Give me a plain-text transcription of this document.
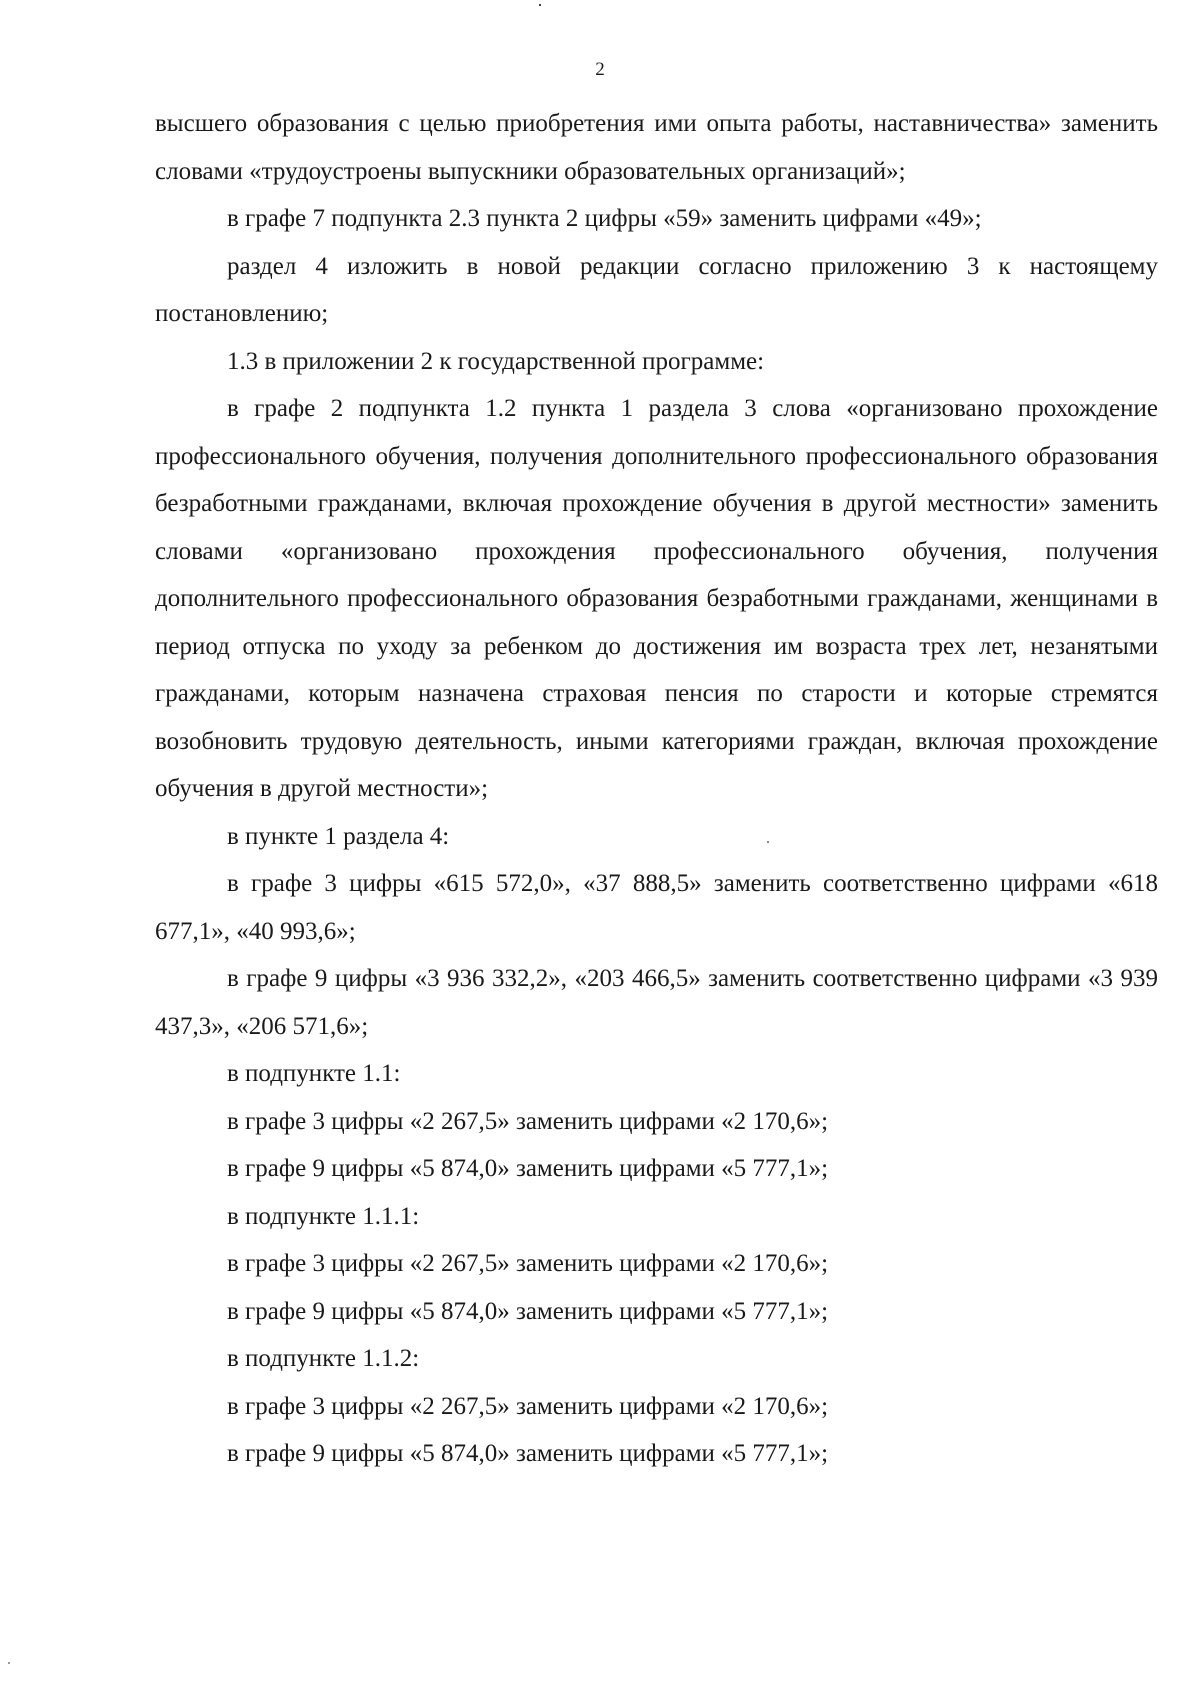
2

высшего образования с целью приобретения ими опыта работы, наставничества» заменить словами «трудоустроены выпускники образовательных организаций»;

в графе 7 подпункта 2.3 пункта 2 цифры «59» заменить цифрами «49»;

раздел 4 изложить в новой редакции согласно приложению 3 к настоящему постановлению;

1.3 в приложении 2 к государственной программе:

в графе 2 подпункта 1.2 пункта 1 раздела 3 слова «организовано прохождение профессионального обучения, получения дополнительного профессионального образования безработными гражданами, включая прохождение обучения в другой местности» заменить словами «организовано прохождения профессионального обучения, получения дополнительного профессионального образования безработными гражданами, женщинами в период отпуска по уходу за ребенком до достижения им возраста трех лет, незанятыми гражданами, которым назначена страховая пенсия по старости и которые стремятся возобновить трудовую деятельность, иными категориями граждан, включая прохождение обучения в другой местности»;

в пункте 1 раздела 4:

в графе 3 цифры «615 572,0», «37 888,5» заменить соответственно цифрами «618 677,1», «40 993,6»;

в графе 9 цифры «3 936 332,2», «203 466,5» заменить соответственно цифрами «3 939 437,3», «206 571,6»;

в подпункте 1.1:

в графе 3 цифры «2 267,5» заменить цифрами «2 170,6»;

в графе 9 цифры «5 874,0» заменить цифрами «5 777,1»;

в подпункте 1.1.1:

в графе 3 цифры «2 267,5» заменить цифрами «2 170,6»;

в графе 9 цифры «5 874,0» заменить цифрами «5 777,1»;

в подпункте 1.1.2:

в графе 3 цифры «2 267,5» заменить цифрами «2 170,6»;

в графе 9 цифры «5 874,0» заменить цифрами «5 777,1»;
